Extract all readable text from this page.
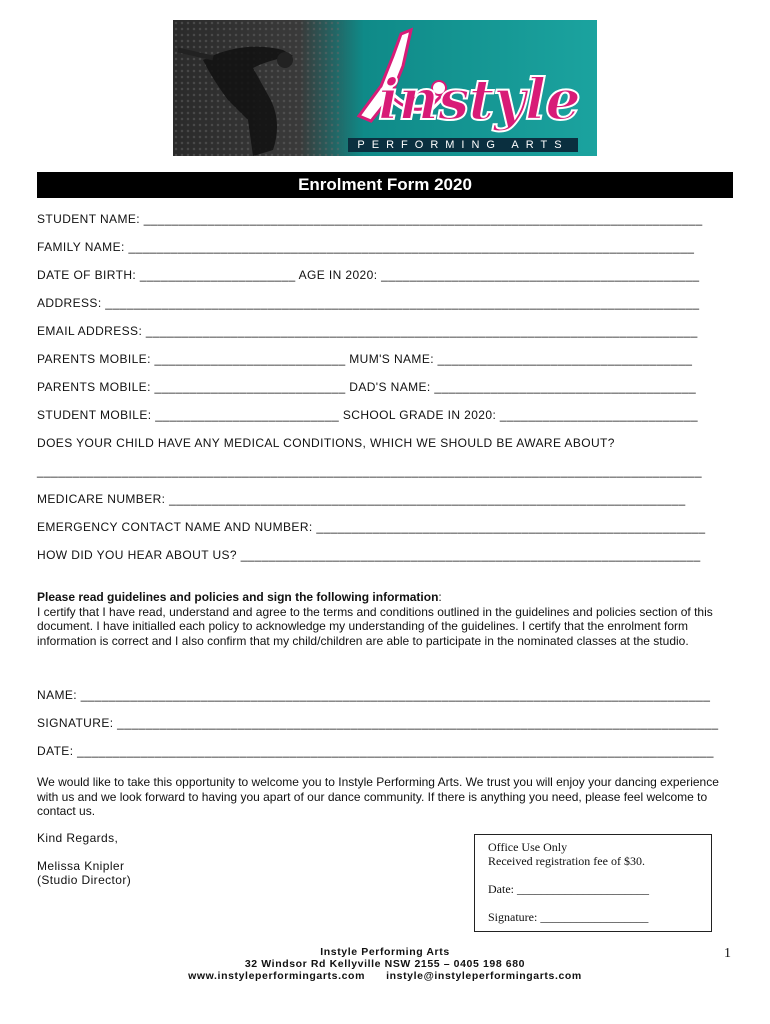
instyle
PERFORMING ARTS
Enrolment Form 2020
STUDENT NAME: _______________________________________________________________________________
FAMILY NAME: ________________________________________________________________________________
DATE OF BIRTH: ______________________ AGE IN 2020: _____________________________________________
ADDRESS: ____________________________________________________________________________________
EMAIL ADDRESS: ______________________________________________________________________________
PARENTS MOBILE: ___________________________ MUM'S NAME: ____________________________________
PARENTS MOBILE: ___________________________ DAD'S NAME: _____________________________________
STUDENT MOBILE: __________________________ SCHOOL GRADE IN 2020: ____________________________
DOES YOUR CHILD HAVE ANY MEDICAL CONDITIONS, WHICH WE SHOULD BE AWARE ABOUT?
______________________________________________________________________________________________
MEDICARE NUMBER: _________________________________________________________________________
EMERGENCY CONTACT NAME AND NUMBER: _______________________________________________________
HOW DID YOU HEAR ABOUT US? _________________________________________________________________
Please read guidelines and policies and sign the following information:
I certify that I have read, understand and agree to the terms and conditions outlined in the guidelines and policies section of this document. I have initialled each policy to acknowledge my understanding of the guidelines. I certify that the enrolment form information is correct and I also confirm that my child/children are able to participate in the nominated classes at the studio.
NAME: _________________________________________________________________________________________
SIGNATURE: _____________________________________________________________________________________
DATE: __________________________________________________________________________________________
We would like to take this opportunity to welcome you to Instyle Performing Arts. We trust you will enjoy your dancing experience with us and we look forward to having you apart of our dance community. If there is anything you need, please feel welcome to contact us.
Kind Regards,
Melissa Knipler
(Studio Director)
Office Use Only
Received registration fee of $30.
Date: ______________________
Signature: __________________
Instyle Performing Arts
32 Windsor Rd Kellyville NSW 2155 – 0405 198 680
www.instyleperformingarts.com      instyle@instyleperformingarts.com
1
